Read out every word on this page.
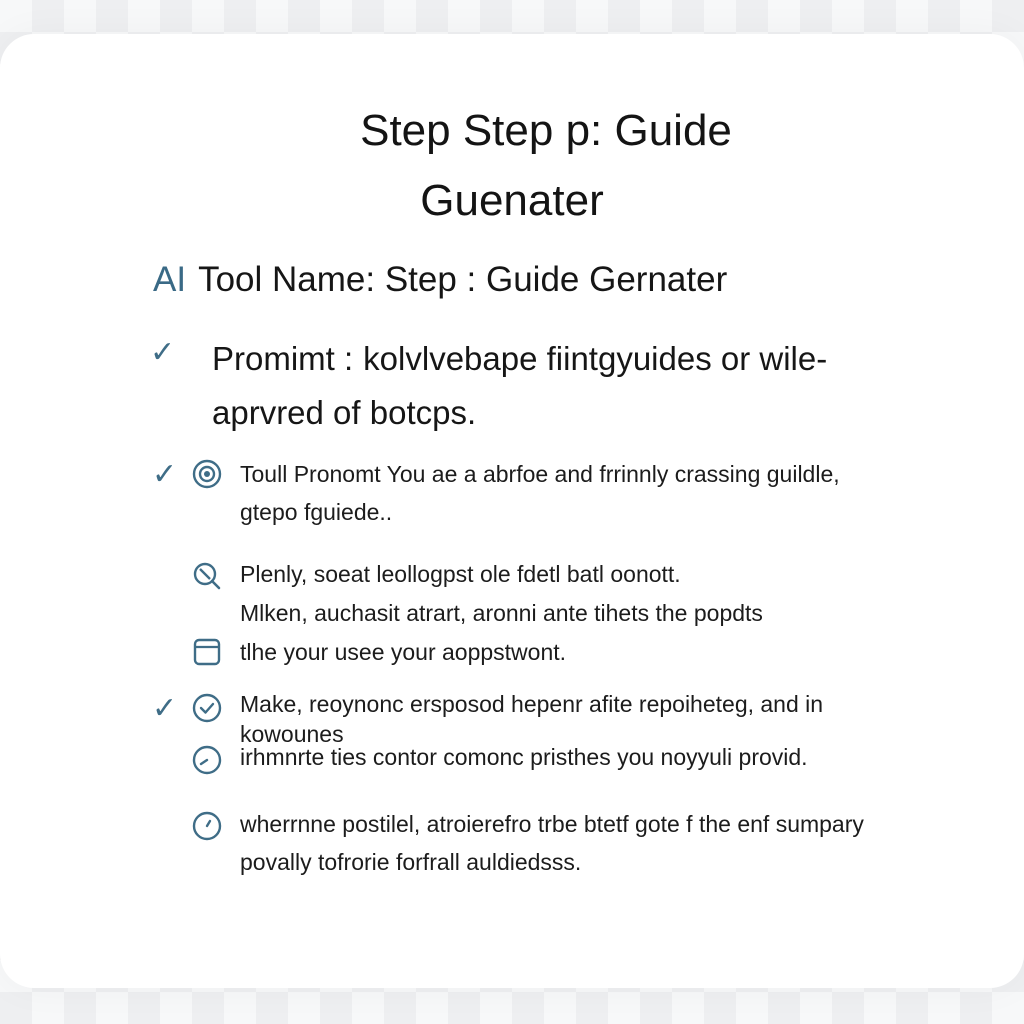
Step Step p: Guide
Guenater
AI Tool Name: Step : Guide Gernater
✓ Promimt : kolvlvebape fiintgyuides or wile-aprvred of botcps.
✓	Toull Pronomt You ae a abrfoe and frrinnly crassing guildle, gtepo fguiede..
Plenly, soeat leollogpst ole fdetl batl oonott.
Mlken, auchasit atrart, aronni ante tihets the popdts
tlhe your usee your aoppstwont.
✓	Make, reoynonc ersposod hepenr afite repoiheteg, and in kowounes
irhmnrte ties contor comonc pristhes you noyyuli provid.
wherrnne postilel, atroierefro trbe btetf gote f the enf sumpary povally tofrorie forfrall auldiedsss.
